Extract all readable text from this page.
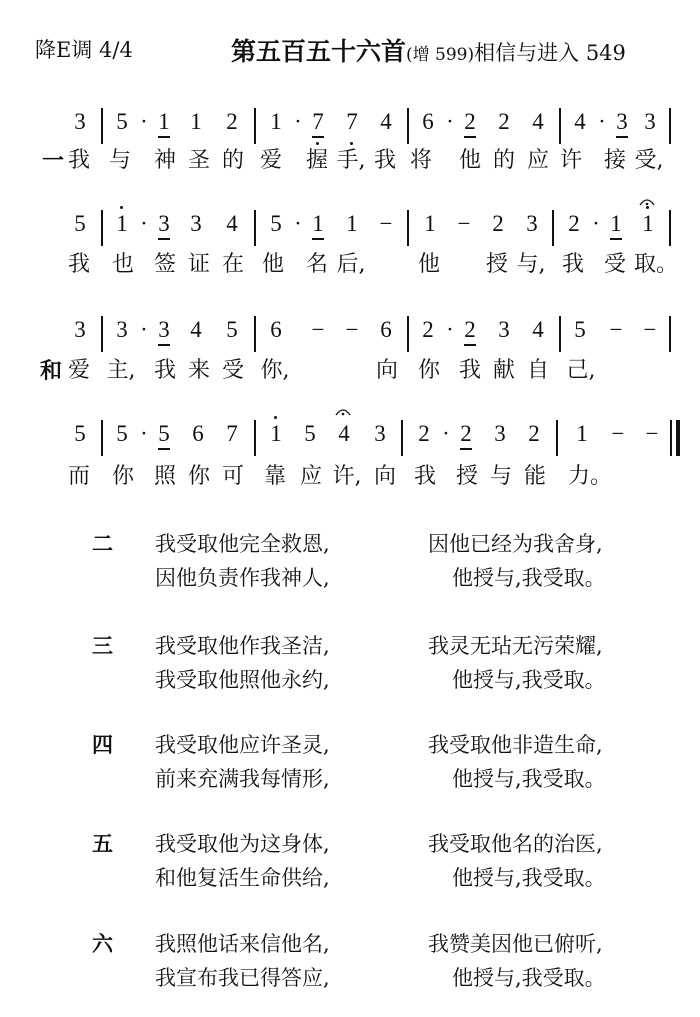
降E调 4/4	第五百五十六首(增 599)相信与进入 549
3	5 · 1 1	2	1 · 7 7 4	6 · 2 2 4	4 · 3 3
一 我 与 神 圣 的 爱 握 手, 我 将 他 的 应 许 接 受,
5	1 · 3 3	4	5 · 1 1 −	1 − 2 3	2 · 1 1
我 也 签 证 在 他 名 后, 他 授 与, 我 受 取。
3	3 · 3 4	5	6	− − 6	2 · 2 3 4	5	− −
和 爱 主, 我 来 受 你,	向 你 我 献 自 己,
5	5 · 5 6 7	1 5 4	3	2 · 2 3 2	1	− −
而 你 照 你 可 靠 应 许, 向 我 授 与 能 力。
二 我受取他完全救恩,	因他已经为我舍身,
因他负责作我神人,	他授与,我受取。
三 我受取他作我圣洁,	我灵无玷无污荣耀,
我受取他照他永约,	他授与,我受取。
四 我受取他应许圣灵,	我受取他非造生命,
前来充满我每情形,	他授与,我受取。
五 我受取他为这身体,	我受取他名的治医,
和他复活生命供给,	他授与,我受取。
六 我照他话来信他名,	我赞美因他已俯听,
我宣布我已得答应,	他授与,我受取。
